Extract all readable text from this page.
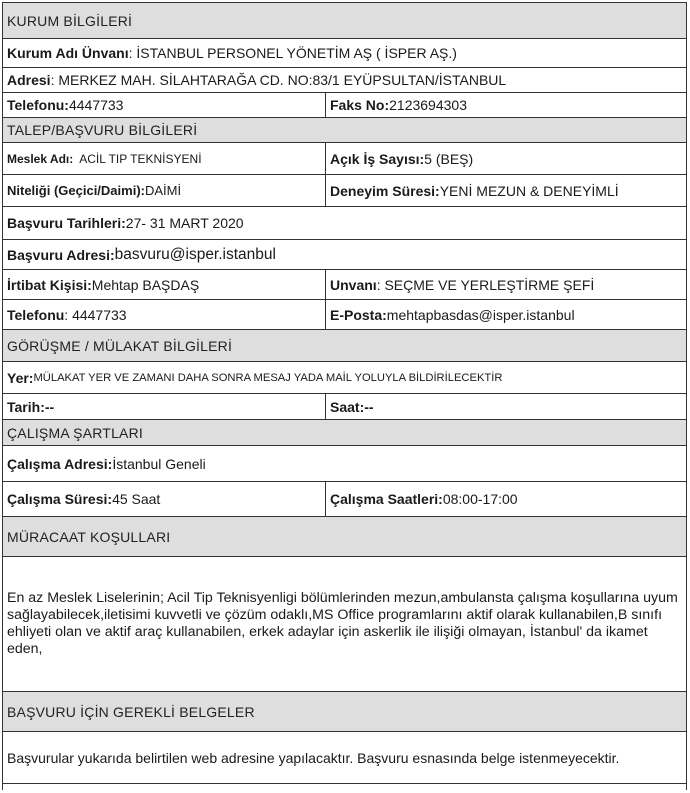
KURUM BİLGİLERİ
Kurum Adı Ünvanı : İSTANBUL PERSONEL YÖNETİM AŞ ( İSPER AŞ.)
Adresi : MERKEZ MAH. SİLAHTARAĞA CD. NO:83/1 EYÜPSULTAN/İSTANBUL
Telefonu: 4447733	Faks No: 2123694303
TALEP/BAŞVURU BİLGİLERİ
Meslek Adı: ACİL TIP TEKNİSYENİ	Açık İş Sayısı: 5 (BEŞ)
Niteliği (Geçici/Daimi): DAİMİ	Deneyim Süresi: YENİ MEZUN & DENEYİMLİ
Başvuru Tarihleri: 27- 31 MART 2020
Başvuru Adresi: basvuru@isper.istanbul
İrtibat Kişisi: Mehtap BAŞDAŞ	Unvanı : SEÇME VE YERLEŞTİRME ŞEFİ
Telefonu : 4447733	E-Posta: mehtapbasdas@isper.istanbul
GÖRÜŞME / MÜLAKAT BİLGİLERİ
Yer: MÜLAKAT YER VE ZAMANI DAHA SONRA MESAJ YADA MAİL YOLUYLA BİLDİRİLECEKTİR
Tarih:--	Saat:--
ÇALIŞMA ŞARTLARI
Çalışma Adresi: İstanbul Geneli
Çalışma Süresi: 45 Saat	Çalışma Saatleri: 08:00-17:00
MÜRACAAT KOŞULLARI
En az Meslek Liselerinin; Acil Tip Teknisyenligi bölümlerinden mezun,ambulansta çalışma koşullarına uyum sağlayabilecek,iletisimi kuvvetli ve çözüm odaklı,MS Office programlarını aktif olarak kullanabilen,B sınıfı ehliyeti olan ve aktif araç kullanabilen, erkek adaylar için askerlik ile ilişiği olmayan, İstanbul' da ikamet eden,
BAŞVURU İÇİN GEREKLİ BELGELER
Başvurular yukarıda belirtilen web adresine yapılacaktır. Başvuru esnasında belge istenmeyecektir.
